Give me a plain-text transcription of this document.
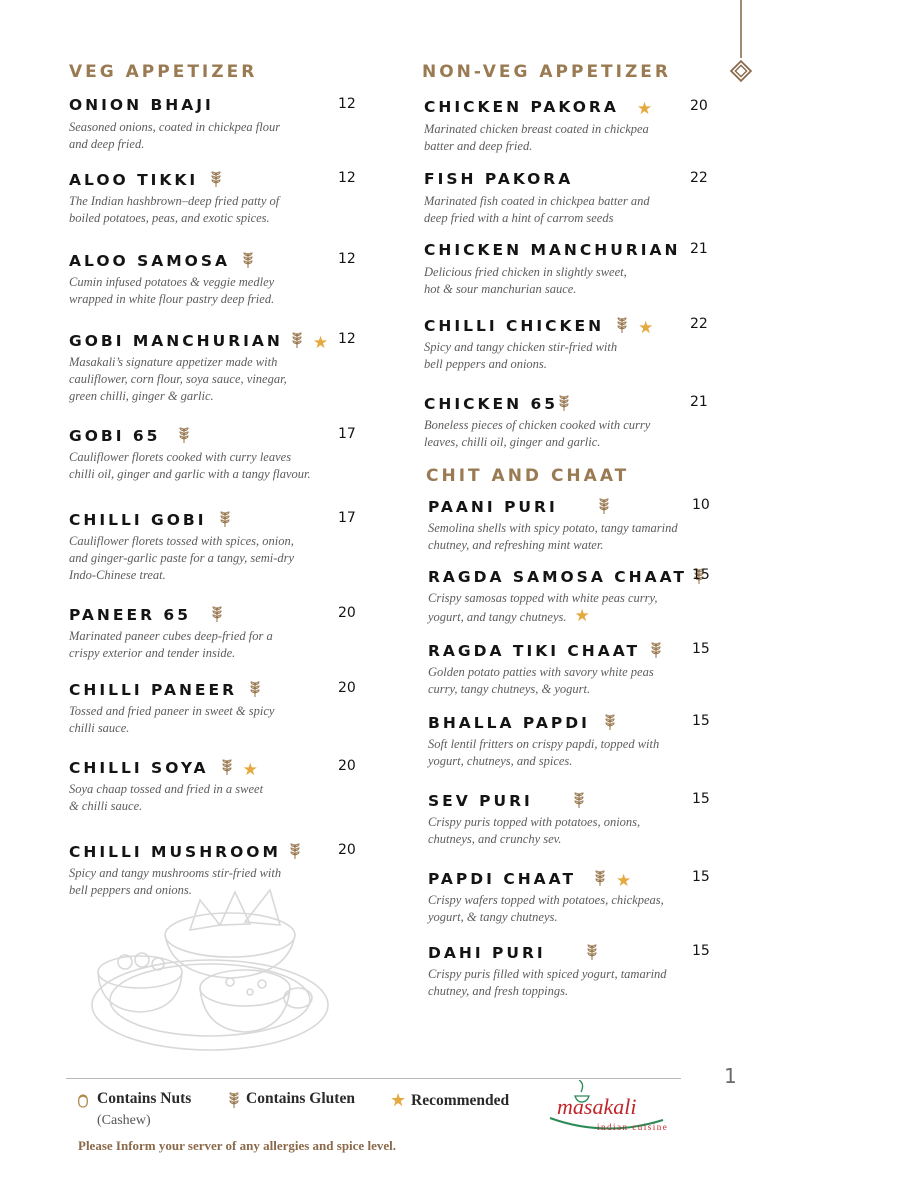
VEG APPETIZER	NON-VEG APPETIZER
CHIT AND CHAAT
ONION BHAJI	12
Seasoned onions, coated in chickpea flour
and deep fried.
ALOO TIKKI	12
The Indian hashbrown–deep fried patty of
boiled potatoes, peas, and exotic spices.
ALOO SAMOSA	12
Cumin infused potatoes & veggie medley
wrapped in white flour pastry deep fried.
GOBI MANCHURIAN ★ 12
Masakali’s signature appetizer made with
cauliflower, corn flour, soya sauce, vinegar,
green chilli, ginger & garlic.
GOBI 65	17
Cauliflower florets cooked with curry leaves
chilli oil, ginger and garlic with a tangy flavour.
CHILLI GOBI	17
Cauliflower florets tossed with spices, onion,
and ginger-garlic paste for a tangy, semi-dry
Indo-Chinese treat.
PANEER 65	20
Marinated paneer cubes deep-fried for a
crispy exterior and tender inside.
CHILLI PANEER	20
Tossed and fried paneer in sweet & spicy
chilli sauce.
CHILLI SOYA ★	20
Soya chaap tossed and fried in a sweet
& chilli sauce.
CHILLI MUSHROOM	20
Spicy and tangy mushrooms stir-fried with
bell peppers and onions.
CHICKEN PAKORA ★	20
Marinated chicken breast coated in chickpea
batter and deep fried.
FISH PAKORA	22
Marinated fish coated in chickpea batter and
deep fried with a hint of carrom seeds
CHICKEN MANCHURIAN 21
Delicious fried chicken in slightly sweet,
hot & sour manchurian sauce.
CHILLI CHICKEN ★	22
Spicy and tangy chicken stir-fried with
bell peppers and onions.
CHICKEN 65	21
Boneless pieces of chicken cooked with curry
leaves, chilli oil, ginger and garlic.
PAANI PURI	10
Semolina shells with spicy potato, tangy tamarind
chutney, and refreshing mint water.
RAGDA SAMOSA CHAAT 15
Crispy samosas topped with white peas curry,
yogurt, and tangy chutneys. ★
RAGDA TIKI CHAAT	15
Golden potato patties with savory white peas
curry, tangy chutneys, & yogurt.
BHALLA PAPDI	15
Soft lentil fritters on crispy papdi, topped with
yogurt, chutneys, and spices.
SEV PURI	15
Crispy puris topped with potatoes, onions,
chutneys, and crunchy sev.
PAPDI CHAAT ★	15
Crispy wafers topped with potatoes, chickpeas,
yogurt, & tangy chutneys.
DAHI PURI	15
Crispy puris filled with spiced yogurt, tamarind
chutney, and fresh toppings.
1
Contains Nuts
(Cashew)
Contains Gluten ★ Recommended
Please Inform your server of any allergies and spice level.
masakali
indian cuisine
